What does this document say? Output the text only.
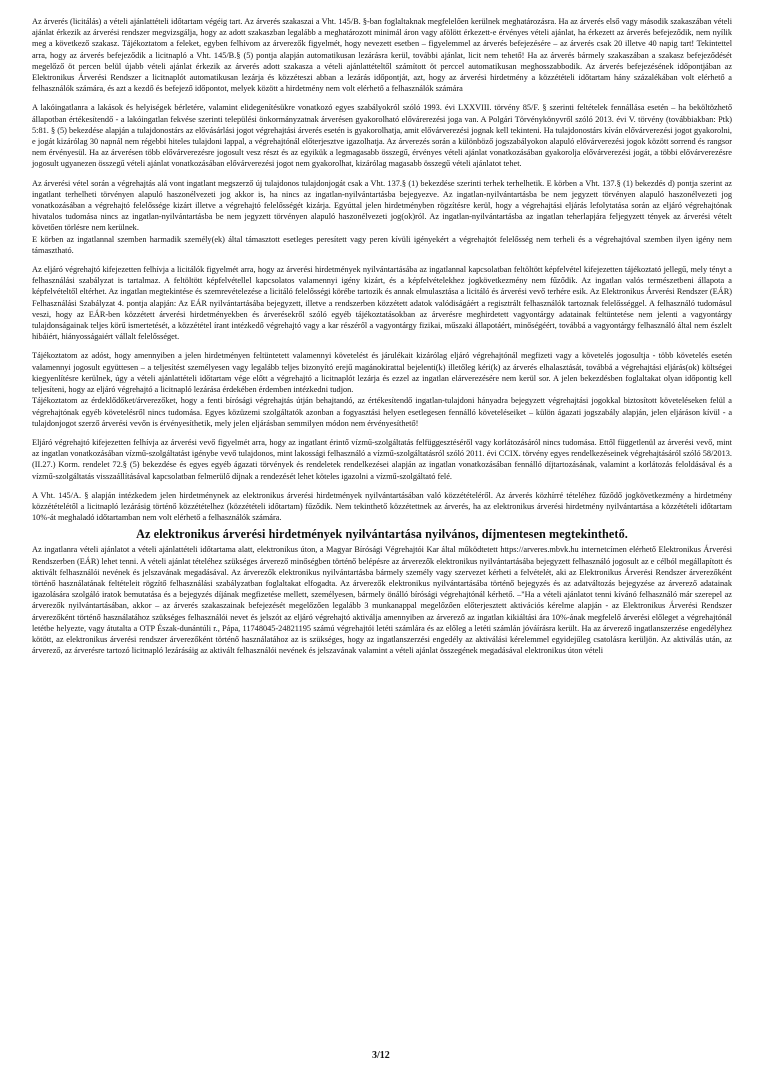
Az árverés (licitálás) a vételi ajánlattételi időtartam végéig tart. Az árverés szakaszai a Vht. 145/B. §-ban foglaltaknak megfelelően kerülnek meghatározásra. Ha az árverés első vagy második szakaszában vételi ajánlat érkezik az árverési rendszer megvizsgálja, hogy az adott szakaszban legalább a meghatározott minimál áron vagy afölött érkezett-e érvényes vételi ajánlat, ha érkezett az árverés befejeződik, nem nyílik meg a következő szakasz. Tájékoztatom a feleket, egyben felhívom az árverezők figyelmét, hogy nevezett esetben – figyelemmel az árverés befejezésére – az árverés csak 20 illetve 40 napig tart! Tekintettel arra, hogy az árverés befejeződik a licitnapló a Vht. 145/B.§ (5) pontja alapján automatikusan lezárásra kerül, további ajánlat, licit nem tehető! Ha az árverés bármely szakaszában a szakasz befejeződését megelőző öt percen belül újabb vételi ajánlat érkezik az árverés adott szakasza a vételi ajánlattételtől számított öt perccel automatikusan meghosszabbodik. Az árverés befejezésének időpontjában az Elektronikus Árverési Rendszer a licitnaplót automatikusan lezárja és közzéteszi abban a lezárás időpontját, azt, hogy az árverési hirdetmény a közzétételi időtartam hány százalékában volt elérhető a felhasználók számára, és azt a kezdő és befejező időpontot, melyek között a hirdetmény nem volt elérhető a felhasználók számára

A lakóingatlanra a lakások és helyiségek bérletére, valamint elidegenítésükre vonatkozó egyes szabályokról szóló 1993. évi LXXVIII. törvény 85/F. § szerinti feltételek fennállása esetén – ha beköltözhető állapotban értékesítendő - a lakóingatlan fekvése szerinti települési önkormányzatnak árverésen gyakorolható elővárerezési joga van. A Polgári Törvénykönyvről szóló 2013. évi V. törvény (továbbiakban: Ptk) 5:81. § (5) bekezdése alapján a tulajdonostárs az elővásárlási jogot végrehajtási árverés esetén is gyakorolhatja, amit elővárverezési jognak kell tekinteni. Ha tulajdonostárs kíván elővárverezési jogot gyakorolni, e jogát kizárólag 30 napnál nem régebbi hiteles tulajdoni lappal, a végrehajtónál előterjesztve igazolhatja. Az árverezés során a különböző jogszabályokon alapuló elővárverezési jogok között sorrend és rangsor nem érvényesül. Ha az árverésen több elővárverezésre jogosult vesz részt és az egyikük a legmagasabb összegű, érvényes vételi ajánlat vonatkozásában gyakorolja elővárverezési jogát, a többi elővárverezésre jogosult ugyanezen összegű vételi ajánlat vonatkozásában elővárverezési jogot nem gyakorolhat, kizárólag magasabb összegű vételi ajánlatot tehet.

Az árverési vétel során a végrehajtás alá vont ingatlant megszerző új tulajdonos tulajdonjogát csak a Vht. 137.§ (1) bekezdése szerinti terhek terhelhetik. E körben a Vht. 137.§ (1) bekezdés d) pontja szerint az ingatlant terhelheti törvényen alapuló haszonélvezeti jog akkor is, ha nincs az ingatlan-nyilvántartásba bejegyezve. Az ingatlan-nyilvántartásba be nem jegyzett törvényen alapuló haszonélvezeti jog vonatkozásában a végrehajtó felelőssége kizárt illetve a végrehajtó felelősségét kizárja. Egyúttal jelen hirdetményben rögzítésre kerül, hogy a végrehajtási eljárás lefolytatása során az eljáró végrehajtónak hivatalos tudomása nincs az ingatlan-nyilvántartásba be nem jegyzett törvényen alapuló haszonélvezeti jog(ok)ról. Az ingatlan-nyilvántartásba az ingatlan teherlapjára feljegyzett tények az árverési vételt követően törlésre nem kerülnek.
E körben az ingatlannal szemben harmadik személy(ek) által támasztott esetleges peresített vagy peren kívüli igényekért a végrehajtót felelősség nem terheli és a végrehajtóval szemben ilyen igény nem támasztható.

Az eljáró végrehajtó kifejezetten felhívja a licitálók figyelmét arra, hogy az árverési hirdetmények nyilvántartásába az ingatlannal kapcsolatban feltöltött képfelvétel kifejezetten tájékoztató jellegű, mely tényt a felhasználási szabályzat is tartalmaz. A feltöltött képfelvétellel kapcsolatos valamennyi igény kizárt, és a képfelvételekhez jogkövetkezmény nem fűződik. Az ingatlan valós természetbeni állapota a képfelvételtől eltérhet. Az ingatlan megtekintése és szemrevételezése a licitáló felelősségi körébe tartozik és annak elmulasztása a licitáló és árverési vevő terhére esik. Az Elektronikus Árverési Rendszer (EÁR) Felhasználási Szabályzat 4. pontja alapján: Az EÁR nyilvántartásába bejegyzett, illetve a rendszerben közzétett adatok valódiságáért a regisztrált felhasználók tartoznak felelősséggel. A felhasználó tudomásul veszi, hogy az EÁR-ben közzétett árverési hirdetményekben és árverésekről szóló egyéb tájékoztatásokban az árverésre meghirdetett vagyontárgy adatainak feltüntetése nem jelenti a vagyontárgy tulajdonságainak teljes körű ismertetését, a közzététel írant intézkedő végrehajtó vagy a kar részéről a vagyontárgy fizikai, műszaki állapotáért, minőségéért, továbbá a vagyontárgy felhasználó által nem észlelt hibáiért, hiányosságaiért vállalt felelősséget.

Tájékoztatom az adóst, hogy amennyiben a jelen hirdetményen feltüntetett valamennyi követelést és járulékait kizárólag eljáró végrehajtónál megfizeti vagy a követelés jogosultja - több követelés esetén valamennyi jogosult együttesen – a teljesítést személyesen vagy legalább teljes bizonyító erejű magánokirattal bejelenti(k) illetőleg kéri(k) az árverés elhalasztását, továbbá a végrehajtási eljárás(ok) költségei kiegyenlítésre kerülnek, úgy a vételi ajánlattételi időtartam vége előtt a végrehajtó a licitnaplót lezárja és ezzel az ingatlan elárverezésére nem kerül sor. A jelen bekezdésben foglaltakat olyan időpontig kell teljesíteni, hogy az eljáró végrehajtó a licitnapló lezárása érdekében érdemben intézkedni tudjon.
Tájékoztatom az érdeklődőket/árverezőket, hogy a fenti bírósági végrehajtás útján behajtandó, az értékesítendő ingatlan-tulajdoni hányadra bejegyzett végrehajtási jogokkal biztosított követeléseken felül a végrehajtónak egyéb követelésről nincs tudomása. Egyes közüzemi szolgáltatók azonban a fogyasztási helyen esetlegesen fennálló követeléseiket – külön ágazati jogszabály alapján, jelen eljáráson kívül - a tulajdonjogot szerző árverési vevőn is érvényesíthetik, mely jelen eljárásban semmilyen módon nem érvényesíthető!

Eljáró végrehajtó kifejezetten felhívja az árverési vevő figyelmét arra, hogy az ingatlant érintő vízmű-szolgáltatás felfüggesztéséről vagy korlátozásáról nincs tudomása. Ettől függetlenül az árverési vevő, mint az ingatlan vonatkozásában vízmű-szolgáltatást igénybe vevő tulajdonos, mint lakossági felhasználó a vízmű-szolgáltatásról szóló 2011. évi CCIX. törvény egyes rendelkezéseinek végrehajtásáról szóló 58/2013. (II.27.) Korm. rendelet 72.§ (5) bekezdése és egyes egyéb ágazati törvények és rendeletek rendelkezései alapján az ingatlan vonatkozásában fennálló díjtartozásának, valamint a korlátozás feloldásával és a vízmű-szolgáltatás visszaállításával kapcsolatban felmerülő díjnak a rendezését lehet köteles igazolni a vízmű-szolgáltató felé.

A Vht. 145/A. § alapján intézkedem jelen hirdetménynek az elektronikus árverési hirdetmények nyilvántartásában való közzétételéről. Az árverés közhírré tételéhez fűződő jogkövetkezmény a hirdetmény közzétételétől a licitnapló lezárásig történő közzétételhez (közzétételi időtartam) fűződik. Nem tekinthető közzétettnek az árverés, ha az elektronikus árverési hirdetmény nyilvántartása a közzétételi időtartam 10%-át meghaladó időtartamban nem volt elérhető a felhasználók számára.

Az elektronikus árverési hirdetmények nyilvántartása nyilvános, díjmentesen megtekinthető.

Az ingatlanra vételi ajánlatot a vételi ajánlattételi időtartama alatt, elektronikus úton, a Magyar Bírósági Végrehajtói Kar által működtetett https://arveres.mbvk.hu internetcímen elérhető Elektronikus Árverési Rendszerben (EÁR) lehet tenni. A vételi ajánlat tételéhez szükséges árverező minőségben történő belépésre az árverezők elektronikus nyilvántartásába bejegyzett felhasználó jogosult az e célból megállapított és aktivált felhasználói nevének és jelszavának megadásával. Az árverezők elektronikus nyilvántartásba bármely személy vagy szervezet kérheti a felvételét, aki az Elektronikus Árverési Rendszer árverezőként történő használatának feltételeit rögzítő felhasználási szabályzatban foglaltakat elfogadta. Az árverezők elektronikus nyilvántartásába történő bejegyzés és az adatváltozás bejegyzése az árverező adatainak igazolására szolgáló iratok bemutatása és a bejegyzés díjának megfizetése mellett, személyesen, bármely önálló bírósági végrehajtónál kérhető. –"Ha a vételi ajánlatot tenni kívánó felhasználó már szerepel az árverezők nyilvántartásában, akkor – az árverés szakaszainak befejezését megelőzően legalább 3 munkanappal megelőzően előterjesztett aktivációs kérelme alapján - az Elektronikus Árverési Rendszer árverezőként történő használatához szükséges felhasználói nevet és jelszót az eljáró végrehajtó aktiválja amennyiben az árverező az ingatlan kikiáltási ára 10%-ának megfelelő árverési előleget a végrehajtónál letétbe helyezte, vagy átutalta a OTP Észak-dunántúli r., Pápa, 11748045-24821195 számú végrehajtói letéti számlára és az előleg a letéti számlán jóváírásra került. Ha az árverező ingatlanszerzése engedélyhez kötött, az elektronikus árverési rendszer árverezőként történő használatához az is szükséges, hogy az ingatlanszerzési engedély az aktiválási kérelemmel egyidejűleg csatolásra kerüljön. Az aktiválás után, az árverező, az árverésre tartozó licitnapló lezárásáig az aktivált felhasználói nevének és jelszavának valamint a vételi ajánlat összegének megadásával elektronikus úton vételi

3/12
